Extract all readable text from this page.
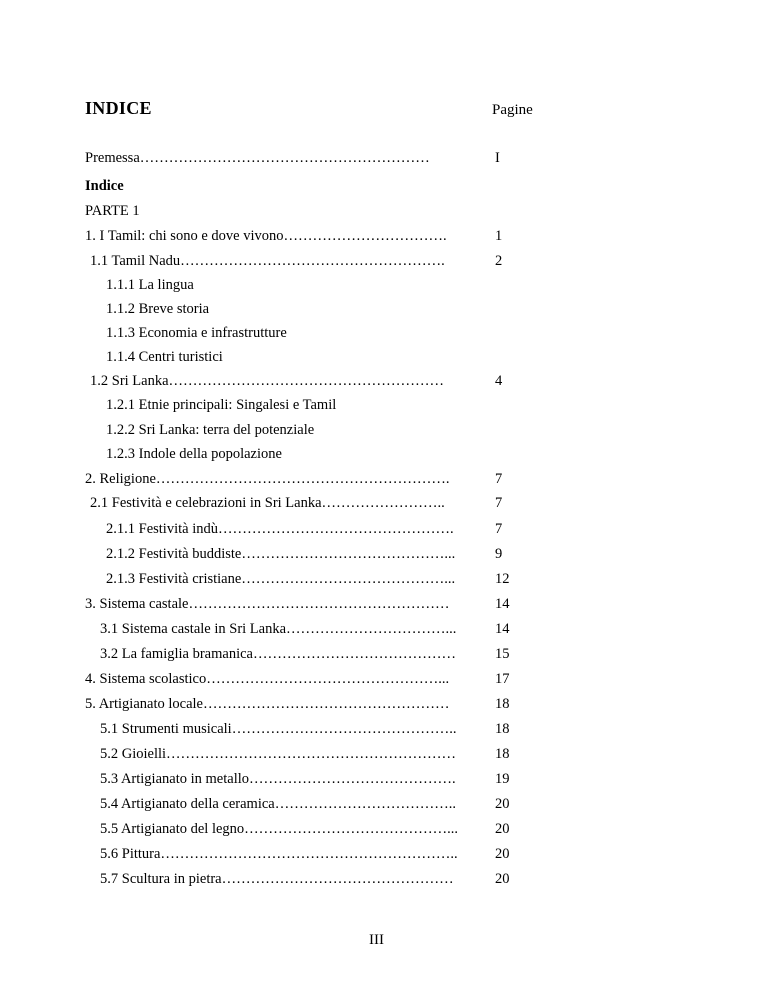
INDICE	Pagine
Premessa……………………………………………………	I
Indice
PARTE 1
1. I Tamil: chi sono e dove vivono…………………………….	1
1.1 Tamil Nadu……………………………………………….	2
1.1.1 La lingua
1.1.2 Breve storia
1.1.3 Economia e infrastrutture
1.1.4 Centri turistici
1.2 Sri Lanka…………………………………………………	4
1.2.1 Etnie principali: Singalesi e Tamil
1.2.2 Sri Lanka: terra del potenziale
1.2.3 Indole della popolazione
2. Religione…………………………………………………….	7
2.1 Festività e celebrazioni in Sri Lanka……………………..	7
2.1.1 Festività indù………………………………………….	7
2.1.2 Festività buddiste……………………………………...	9
2.1.3 Festività cristiane……………………………………...	12
3. Sistema castale………………………………………………	14
3.1 Sistema castale in Sri Lanka……………………………...	14
3.2 La famiglia bramanica……………………………………	15
4. Sistema scolastico…………………………………………...	17
5. Artigianato locale……………………………………………	18
5.1 Strumenti musicali………………………………………..	18
5.2 Gioielli……………………………………………………	18
5.3 Artigianato in metallo…………………………………….	19
5.4 Artigianato della ceramica………………………………..	20
5.5 Artigianato del legno……………………………………...	20
5.6 Pittura……………………………………………………..	20
5.7 Scultura in pietra…………………………………………	20
III
